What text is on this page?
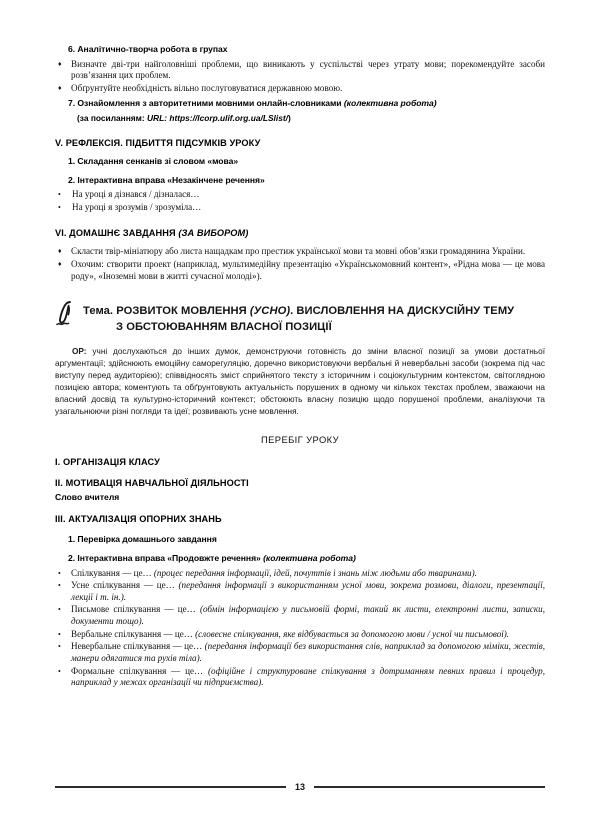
6. Аналітично-творча робота в групах
♦ Визначте дві-три найголовніші проблеми, що виникають у суспільстві через утрату мови; порекомендуйте засоби розв’язання цих проблем.
♦ Обґрунтуйте необхідність вільно послуговуватися державною мовою.
7. Ознайомлення з авторитетними мовними онлайн-словниками (колективна робота)
(за посиланням: URL: https://lcorp.ulif.org.ua/LSlist/)
V. РЕФЛЕКСІЯ. ПІДБИТТЯ ПІДСУМКІВ УРОКУ
1. Складання сенканів зі словом «мова»
2. Інтерактивна вправа «Незакінчене речення»
• На уроці я дізнався / дізналася…
• На уроці я зрозумів / зрозуміла…
VI. ДОМАШНЄ ЗАВДАННЯ (ЗА ВИБОРОМ)
♦ Скласти твір-мініатюру або листа нащадкам про престиж української мови та мовні обов’язки громадянина України.
♦ Охочим: створити проект (наприклад, мультимедійну презентацію «Українськомовний контент», «Рідна мова — це мова роду», «Іноземні мови в житті сучасної молоді»).
Тема. РОЗВИТОК МОВЛЕННЯ (УСНО). ВИСЛОВЛЕННЯ НА ДИСКУСІЙНУ ТЕМУ
З ОБСТОЮВАННЯМ ВЛАСНОЇ ПОЗИЦІЇ

ОР: учні дослухаються до інших думок, демонструючи готовність до зміни власної позиції за умови достатньої аргументації; здійснюють емоційну саморегуляцію, доречно використовуючи вербальні й невербальні засоби (зокрема під час виступу перед аудиторією); співвідносять зміст сприйнятого тексту з історичним і соціокультурним контекстом, світоглядною позицією автора; коментують та обґрунтовують актуальність порушених в одному чи кількох текстах проблем, зважаючи на власний досвід та культурно-історичний контекст; обстоюють власну позицію щодо порушеної проблеми, аналізуючи та узагальнюючи різні погляди та ідеї; розвивають усне мовлення.

ПЕРЕБІГ УРОКУ
I. ОРГАНІЗАЦІЯ КЛАСУ
II. МОТИВАЦІЯ НАВЧАЛЬНОЇ ДІЯЛЬНОСТІ
Слово вчителя
III. АКТУАЛІЗАЦІЯ ОПОРНИХ ЗНАНЬ
1. Перевірка домашнього завдання
2. Інтерактивна вправа «Продовжте речення» (колективна робота)
• Спілкування — це… (процес передання інформації, ідей, почуттів і знань між людьми або тваринами).
• Усне спілкування — це… (передання інформації з використанням усної мови, зокрема розмови, діалоги, презентації, лекції і т. ін.).
• Письмове спілкування — це… (обмін інформацією у письмовій формі, такий як листи, електронні листи, записки, документи тощо).
• Вербальне спілкування — це… (словесне спілкування, яке відбувається за допомогою мови / усної чи письмової).
• Невербальне спілкування — це… (передання інформації без використання слів, наприклад за допомогою міміки, жестів, манери одягатися та рухів тіла).
• Формальне спілкування — це… (офіційне і структуроване спілкування з дотриманням певних правил і процедур, наприклад у межах організації чи підприємства).
13
